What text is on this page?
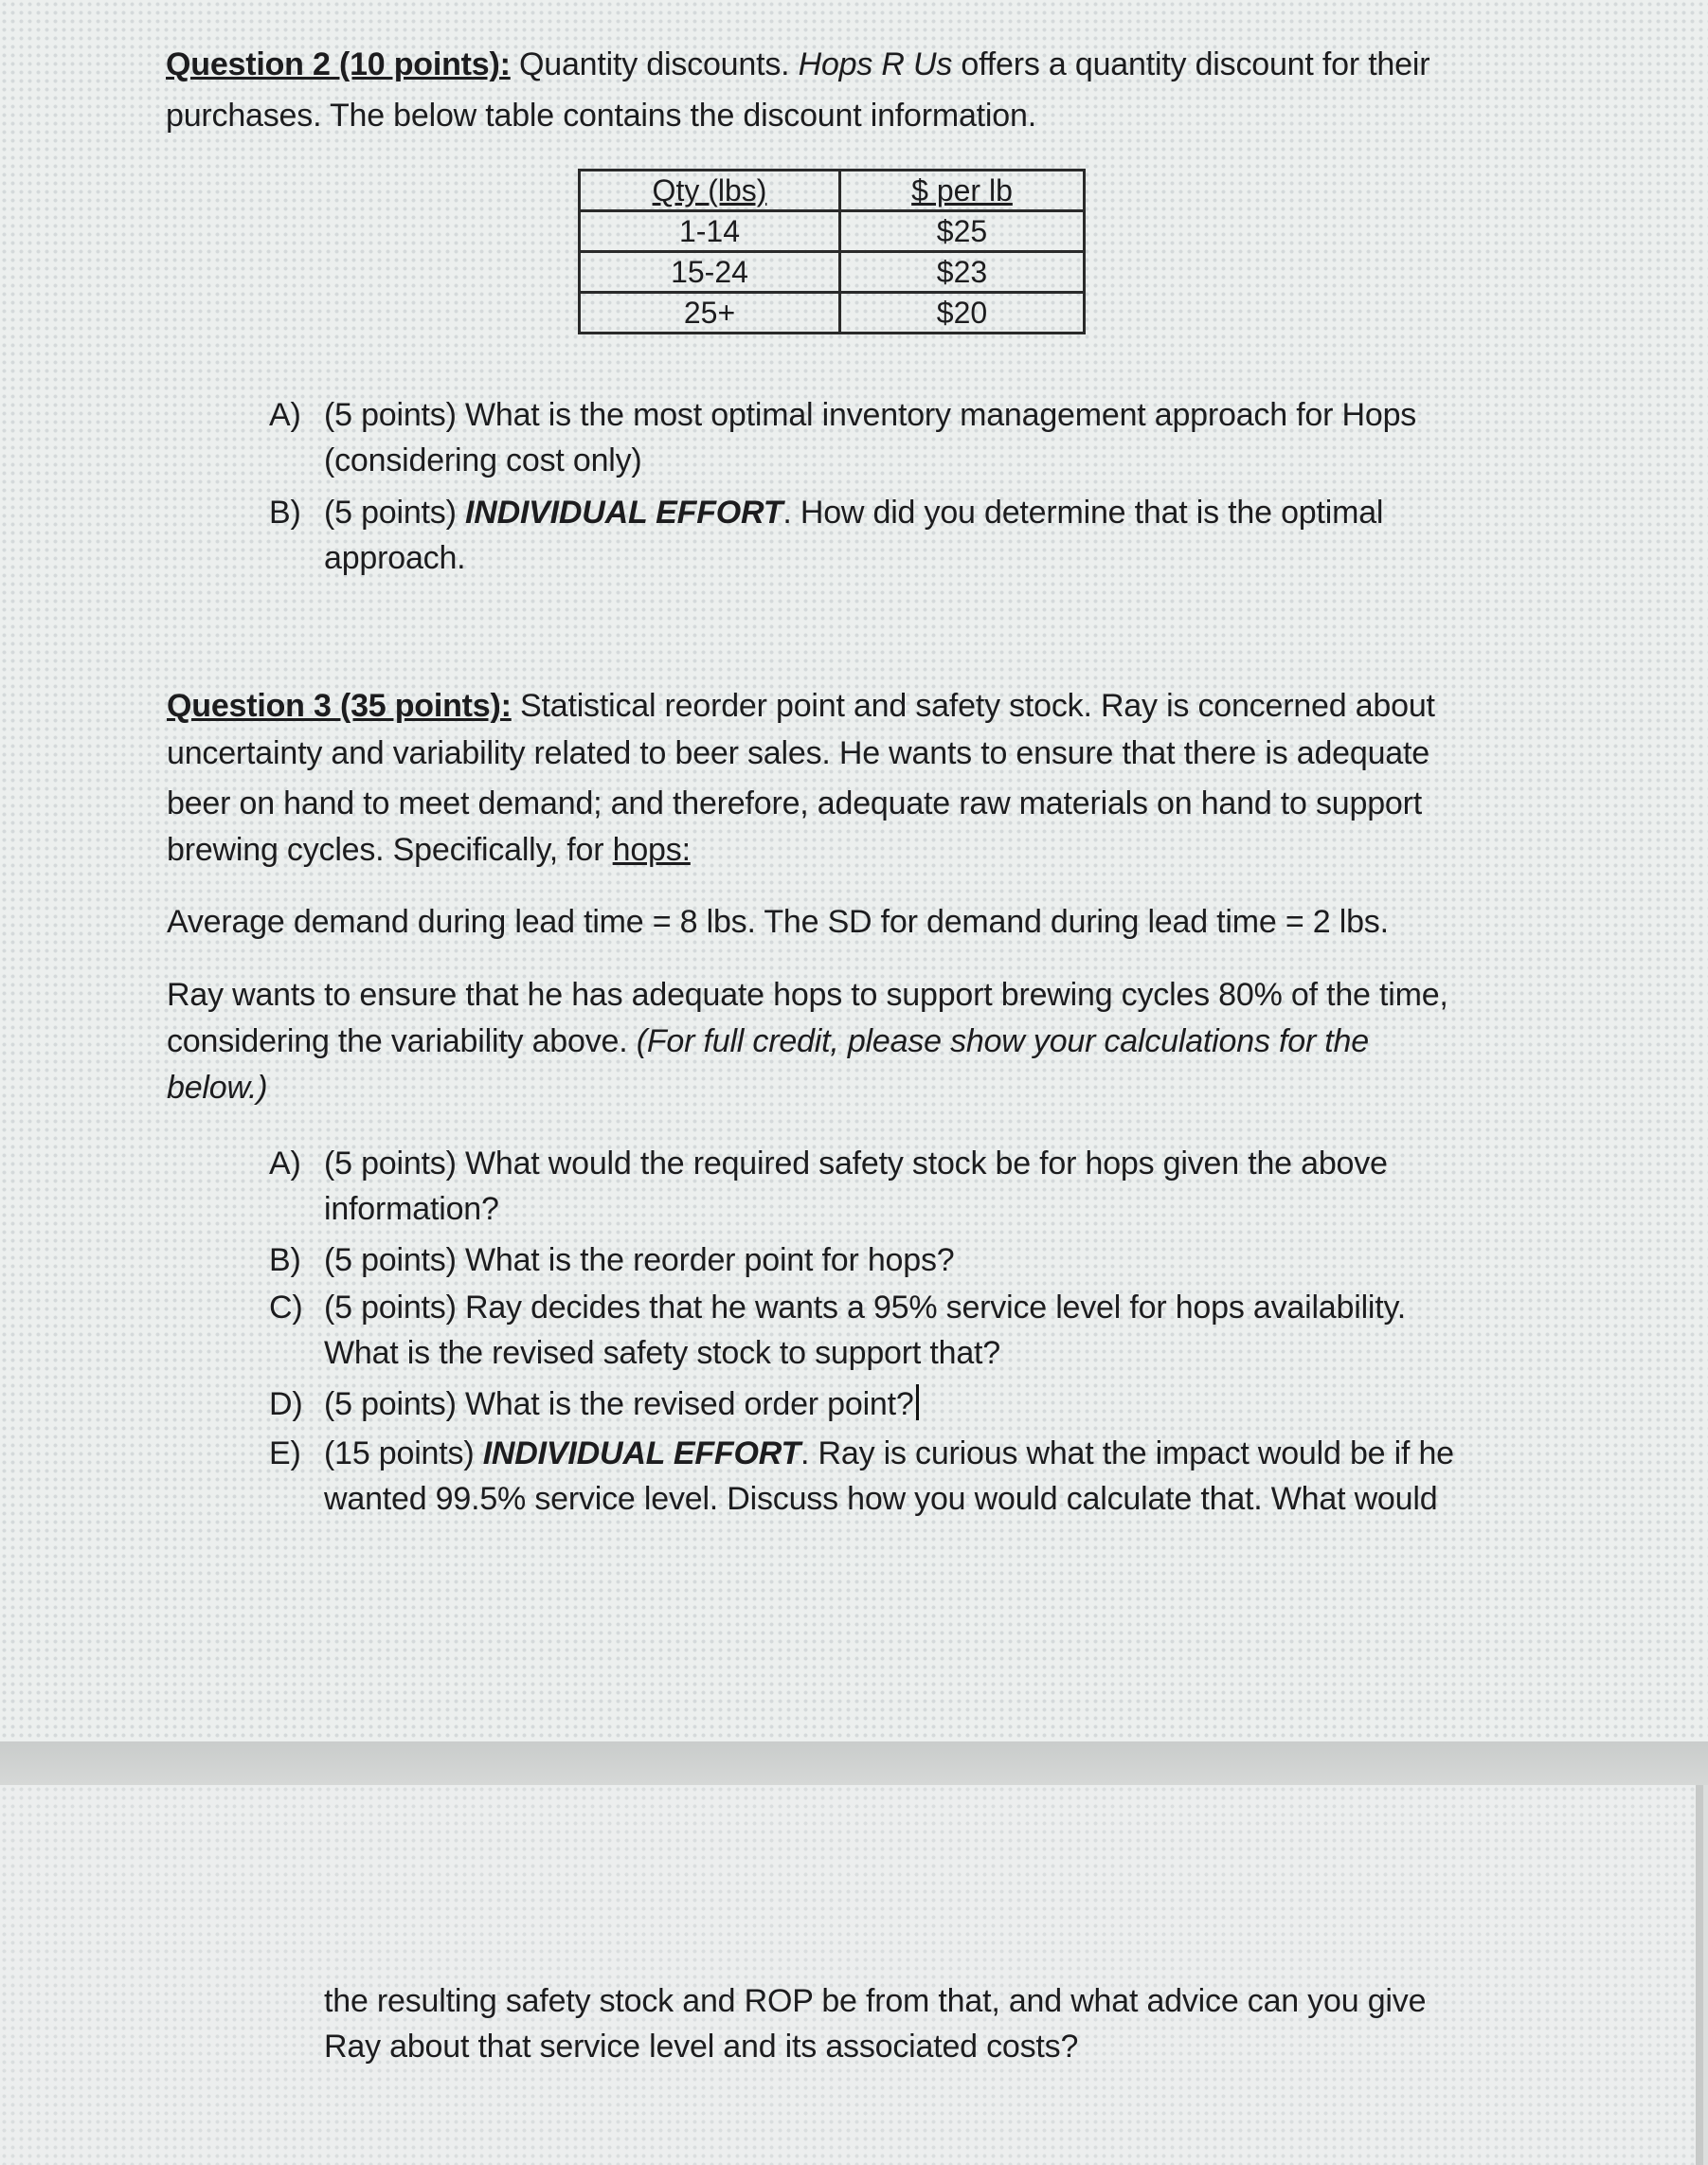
Question 2 (10 points): Quantity discounts. Hops R Us offers a quantity discount for their
purchases. The below table contains the discount information.
Qty (lbs)	$ per lb
1-14	$25
15-24	$23
25+	$20
A) (5 points) What is the most optimal inventory management approach for Hops
(considering cost only)
B) (5 points) INDIVIDUAL EFFORT. How did you determine that is the optimal
approach.
Question 3 (35 points): Statistical reorder point and safety stock. Ray is concerned about
uncertainty and variability related to beer sales. He wants to ensure that there is adequate
beer on hand to meet demand; and therefore, adequate raw materials on hand to support
brewing cycles. Specifically, for hops:
Average demand during lead time = 8 lbs. The SD for demand during lead time = 2 lbs.
Ray wants to ensure that he has adequate hops to support brewing cycles 80% of the time,
considering the variability above. (For full credit, please show your calculations for the
below.)
A) (5 points) What would the required safety stock be for hops given the above
information?
B) (5 points) What is the reorder point for hops?
C) (5 points) Ray decides that he wants a 95% service level for hops availability.
What is the revised safety stock to support that?
D) (5 points) What is the revised order point?
E) (15 points) INDIVIDUAL EFFORT. Ray is curious what the impact would be if he
wanted 99.5% service level. Discuss how you would calculate that. What would
the resulting safety stock and ROP be from that, and what advice can you give
Ray about that service level and its associated costs?
